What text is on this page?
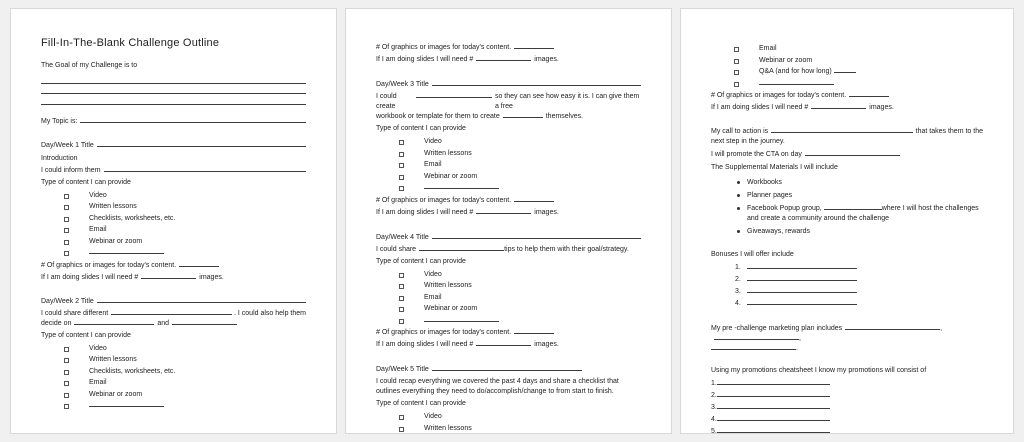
Fill-In-The-Blank Challenge Outline

The Goal of my Challenge is to

My Topic is:
Day/Week 1 Title

Introduction

I could inform them

Type of content I can provide

Video
Written lessons
Checklists, worksheets, etc.
Email
Webinar or zoom

# Of graphics or images for today's content.

If I am doing slides I will need #	images.

Day/Week 2 Title
I could share different	. I could also help them

decide on	and

Type of content I can provide

Video
Written lessons
Checklists, worksheets, etc.
Email
Webinar or zoom

# Of graphics or images for today's content.

If I am doing slides I will need #	images.

Day/Week 3 Title
I could create
so they can see how easy it is. I can give them a free

workbook or template for them to create	themselves.

Type of content I can provide

Video
Written lessons
Email
Webinar or zoom

# Of graphics or images for today's content.

If I am doing slides I will need #	images.

Day/Week 4 Title

I could share	tips to help them with their goal/strategy.

Type of content I can provide

Video
Written lessons
Email
Webinar or zoom

# Of graphics or images for today's content.

If I am doing slides I will need #	images.

Day/Week 5 Title

I could recap everything we covered the past 4 days and share a checklist that outlines everything they need to do/accomplish/change to from start to finish.

Type of content I can provide

Video
Written lessons
Email
Webinar or zoom
Q&A (and for how long)

# Of graphics or images for today's content.

If I am doing slides I will need #	images.

My call to action is	that takes them to the

next step in the journey.

I will promote the CTA on day

The Supplemental Materials I will include

Workbooks
Planner pages
Facebook Popup group,	where I will host the challenges and create a community around the challenge
Giveaways, rewards

Bonuses I will offer include

1.
2.
3.
4.

My pre -challenge marketing plan includes	,,

.

Using my promotions cheatsheet I know my promotions will consist of

1.
2.
3.
4.
5.
